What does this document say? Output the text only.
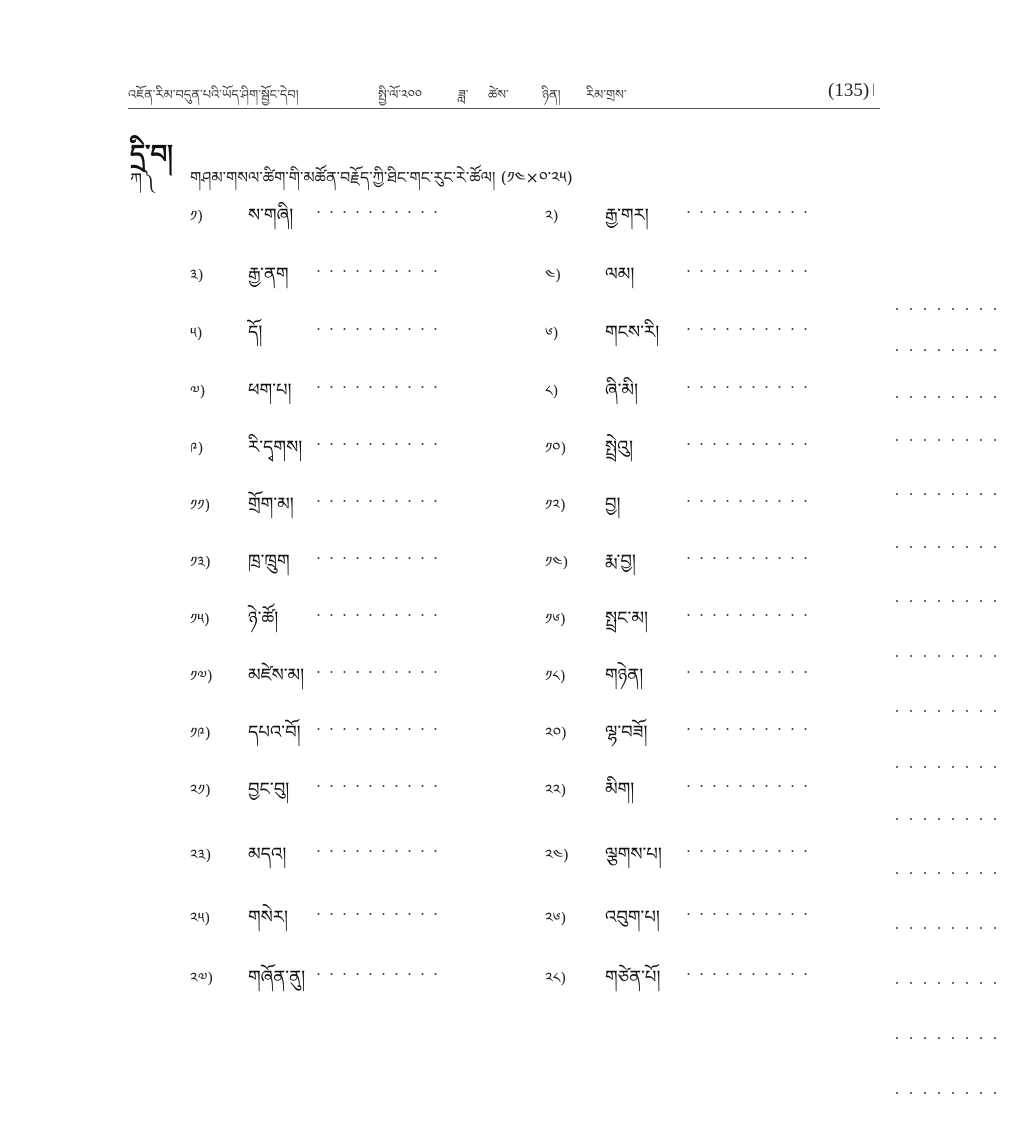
འཇོན་རིམ་བདུན་པའི་ཡོད་ཤིག་སྦྱོང་དེབ།	སྤྱི་ལོ་༢༠༠	ཟླ་ ཚེས་	ཉིན། རིམ་གྲས་	|
(135)
དྲི་བ།
ཀ༽ གཤམ་གསལ་ཚིག་གི་མཚོན་བརྗོད་ཀྱི་ཐིང་གང་རུང་རེ་ཚོལ། (༡༤×༠་༢༥)
༡) ས་གཞི།	༢)	རྒྱ་གར།
༣) རྒྱ་ནག	༤) ལམ།
༥)	དོ།	༦)	གངས་རི།
༧) ཕག་པ།	༨)	ཞི་མི།
༩) རི་དྭགས།	༡༠) སྤྲེའུ།
༡༡) གྲོག་མ།	༡༢) བྱ།
༡༣) ཁྲ་ཁྲུག	༡༤) རྨ་བྱ།
༡༥) ཉེ་ཚོ།	༡༦) སྤྲང་མ།
༡༧) མཛེས་མ།	༡༨) གཉེན།
༡༩) དཔའ་བོ།	༢༠) ལྷ་བཟོ།
༢༡) བྱང་བུ།	༢༢) མིག།
༢༣) མདའ།	༢༤) ལྕགས་པ།
༢༥) གསེར།	༢༦) འབུག་པ།
༢༧) གཞོན་ནུ།	༢༨) གཙེན་པོ།
